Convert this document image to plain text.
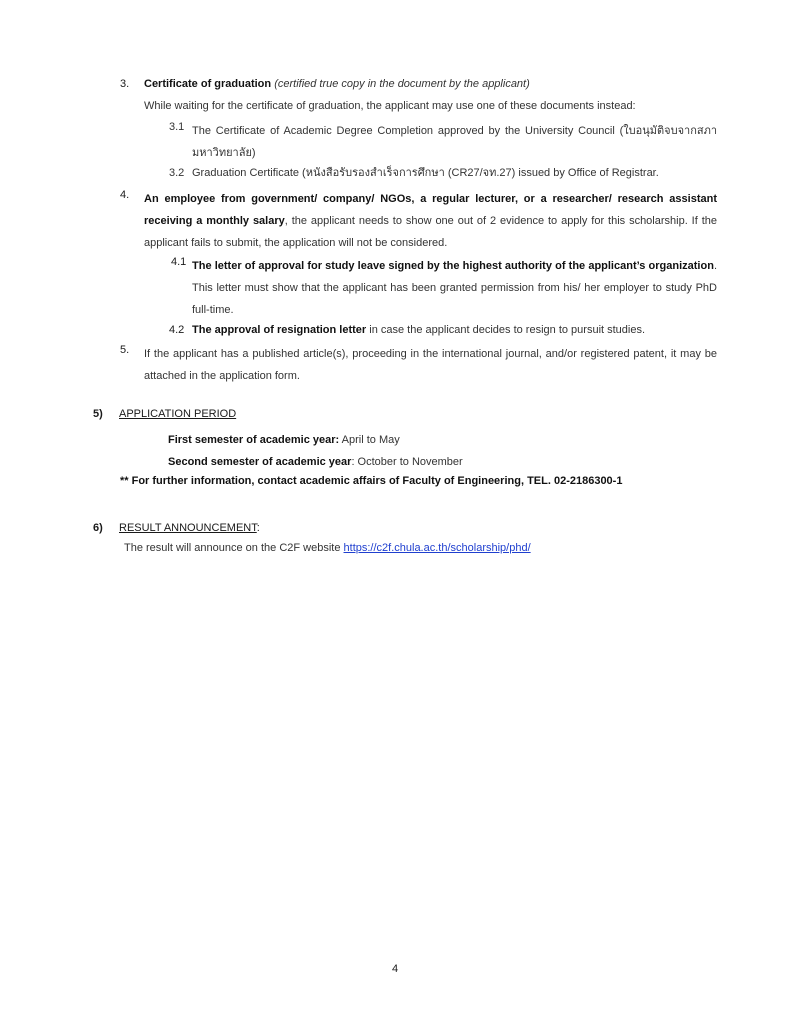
3. Certificate of graduation (certified true copy in the document by the applicant)
While waiting for the certificate of graduation, the applicant may use one of these documents instead:
3.1 The Certificate of Academic Degree Completion approved by the University Council (ใบอนุมัติจบจากสภามหาวิทยาลัย)
3.2 Graduation Certificate (หนังสือรับรองสำเร็จการศึกษา (CR27/จท.27) issued by Office of Registrar.
4. An employee from government/ company/ NGOs, a regular lecturer, or a researcher/ research assistant receiving a monthly salary, the applicant needs to show one out of 2 evidence to apply for this scholarship. If the applicant fails to submit, the application will not be considered.
4.1 The letter of approval for study leave signed by the highest authority of the applicant’s organization. This letter must show that the applicant has been granted permission from his/ her employer to study PhD full-time.
4.2 The approval of resignation letter in case the applicant decides to resign to pursuit studies.
5. If the applicant has a published article(s), proceeding in the international journal, and/or registered patent, it may be attached in the application form.
5) APPLICATION PERIOD
First semester of academic year: April to May
Second semester of academic year: October to November
** For further information, contact academic affairs of Faculty of Engineering, TEL. 02-2186300-1
6) RESULT ANNOUNCEMENT:
The result will announce on the C2F website https://c2f.chula.ac.th/scholarship/phd/
4
